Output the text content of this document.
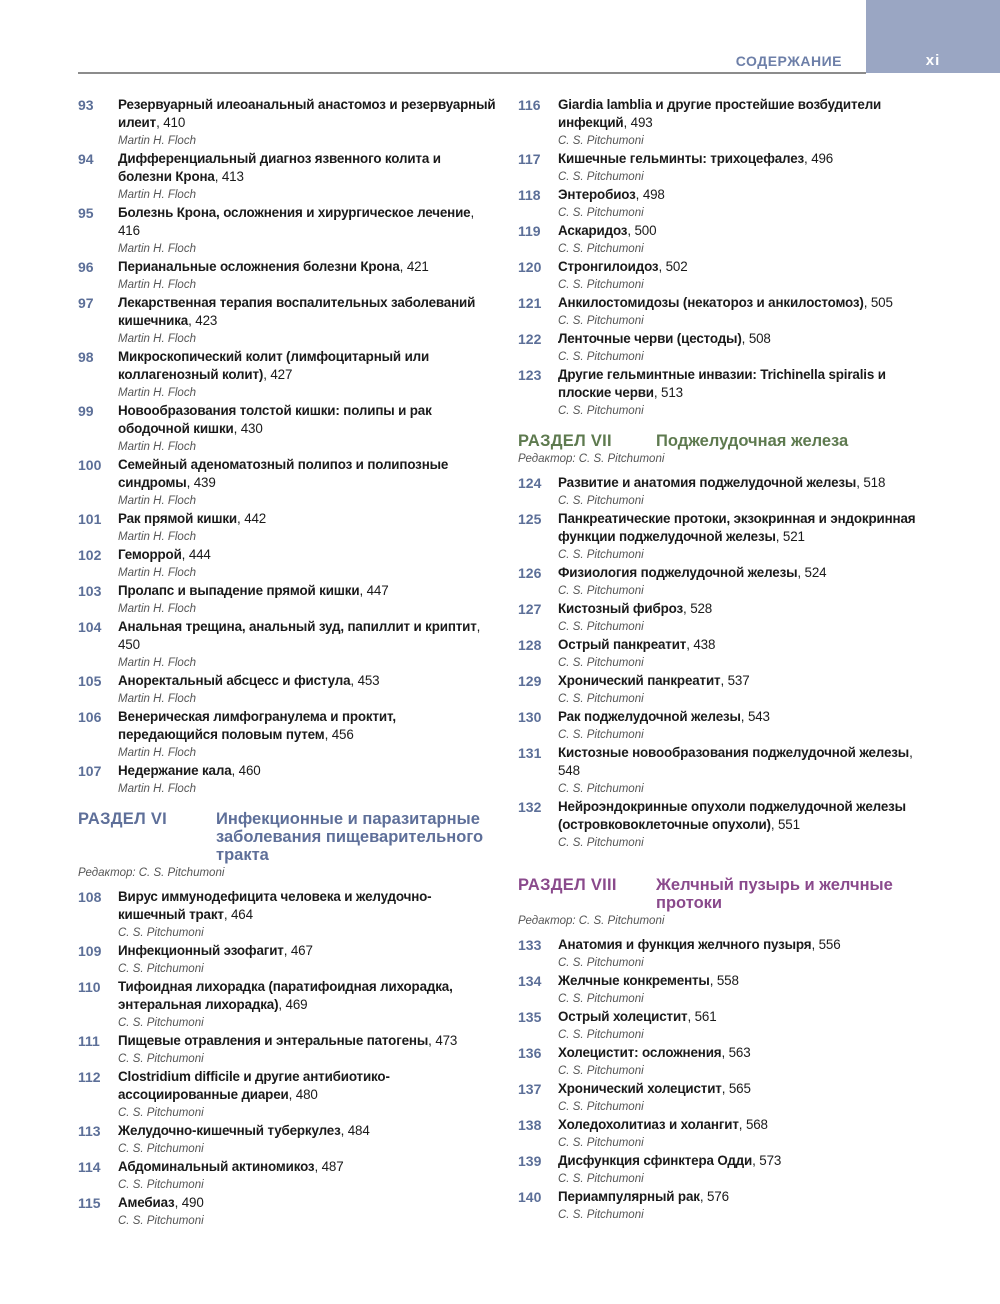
xi
СОДЕРЖАНИЕ
93	Резервуарный илеоанальный анастомоз и резервуарный илеит, 410
Martin H. Floch
94	Дифференциальный диагноз язвенного колита и болезни Крона, 413
Martin H. Floch
95	Болезнь Крона, осложнения и хирургическое лечение, 416
Martin H. Floch
96	Перианальные осложнения болезни Крона, 421
Martin H. Floch
97	Лекарственная терапия воспалительных заболеваний кишечника, 423
Martin H. Floch
98	Микроскопический колит (лимфоцитарный или коллагенозный колит), 427
Martin H. Floch
99	Новообразования толстой кишки: полипы и рак ободочной кишки, 430
Martin H. Floch
100	Семейный аденоматозный полипоз и полипозные синдромы, 439
Martin H. Floch
101	Рак прямой кишки, 442
Martin H. Floch
102	Геморрой, 444
Martin H. Floch
103	Пролапс и выпадение прямой кишки, 447
Martin H. Floch
104	Анальная трещина, анальный зуд, папиллит и криптит, 450
Martin H. Floch
105	Аноректальный абсцесс и фистула, 453
Martin H. Floch
106	Венерическая лимфогранулема и проктит, передающийся половым путем, 456
Martin H. Floch
107	Недержание кала, 460
Martin H. Floch
РАЗДЕЛ VI	Инфекционные и паразитарные заболевания пищеварительного тракта
Редактор: C. S. Pitchumoni
108	Вирус иммунодефицита человека и желудочно-кишечный тракт, 464
C. S. Pitchumoni
109	Инфекционный эзофагит, 467
C. S. Pitchumoni
110	Тифоидная лихорадка (паратифоидная лихорадка, энтеральная лихорадка), 469
C. S. Pitchumoni
111	Пищевые отравления и энтеральные патогены, 473
C. S. Pitchumoni
112	Clostridium difficile и другие антибиотико-ассоциированные диареи, 480
C. S. Pitchumoni
113	Желудочно-кишечный туберкулез, 484
C. S. Pitchumoni
114	Абдоминальный актиномикоз, 487
C. S. Pitchumoni
115	Амебиаз, 490
C. S. Pitchumoni
116	Giardia lamblia и другие простейшие возбудители инфекций, 493
C. S. Pitchumoni
117	Кишечные гельминты: трихоцефалез, 496
C. S. Pitchumoni
118	Энтеробиоз, 498
C. S. Pitchumoni
119	Аскаридоз, 500
C. S. Pitchumoni
120	Стронгилоидоз, 502
C. S. Pitchumoni
121	Анкилостомидозы (некатороз и анкилостомоз), 505
C. S. Pitchumoni
122	Ленточные черви (цестоды), 508
C. S. Pitchumoni
123	Другие гельминтные инвазии: Trichinella spiralis и плоские черви, 513
C. S. Pitchumoni
РАЗДЕЛ VII	Поджелудочная железа
Редактор: C. S. Pitchumoni
124	Развитие и анатомия поджелудочной железы, 518
C. S. Pitchumoni
125	Панкреатические протоки, экзокринная и эндокринная функции поджелудочной железы, 521
C. S. Pitchumoni
126	Физиология поджелудочной железы, 524
C. S. Pitchumoni
127	Кистозный фиброз, 528
C. S. Pitchumoni
128	Острый панкреатит, 438
C. S. Pitchumoni
129	Хронический панкреатит, 537
C. S. Pitchumoni
130	Рак поджелудочной железы, 543
C. S. Pitchumoni
131	Кистозные новообразования поджелудочной железы, 548
C. S. Pitchumoni
132	Нейроэндокринные опухоли поджелудочной железы (островковоклеточные опухоли), 551
C. S. Pitchumoni
РАЗДЕЛ VIII	Желчный пузырь и желчные протоки
Редактор: C. S. Pitchumoni
133	Анатомия и функция желчного пузыря, 556
C. S. Pitchumoni
134	Желчные конкременты, 558
C. S. Pitchumoni
135	Острый холецистит, 561
C. S. Pitchumoni
136	Холецистит: осложнения, 563
C. S. Pitchumoni
137	Хронический холецистит, 565
C. S. Pitchumoni
138	Холедохолитиаз и холангит, 568
C. S. Pitchumoni
139	Дисфункция сфинктера Одди, 573
C. S. Pitchumoni
140	Периампулярный рак, 576
C. S. Pitchumoni
